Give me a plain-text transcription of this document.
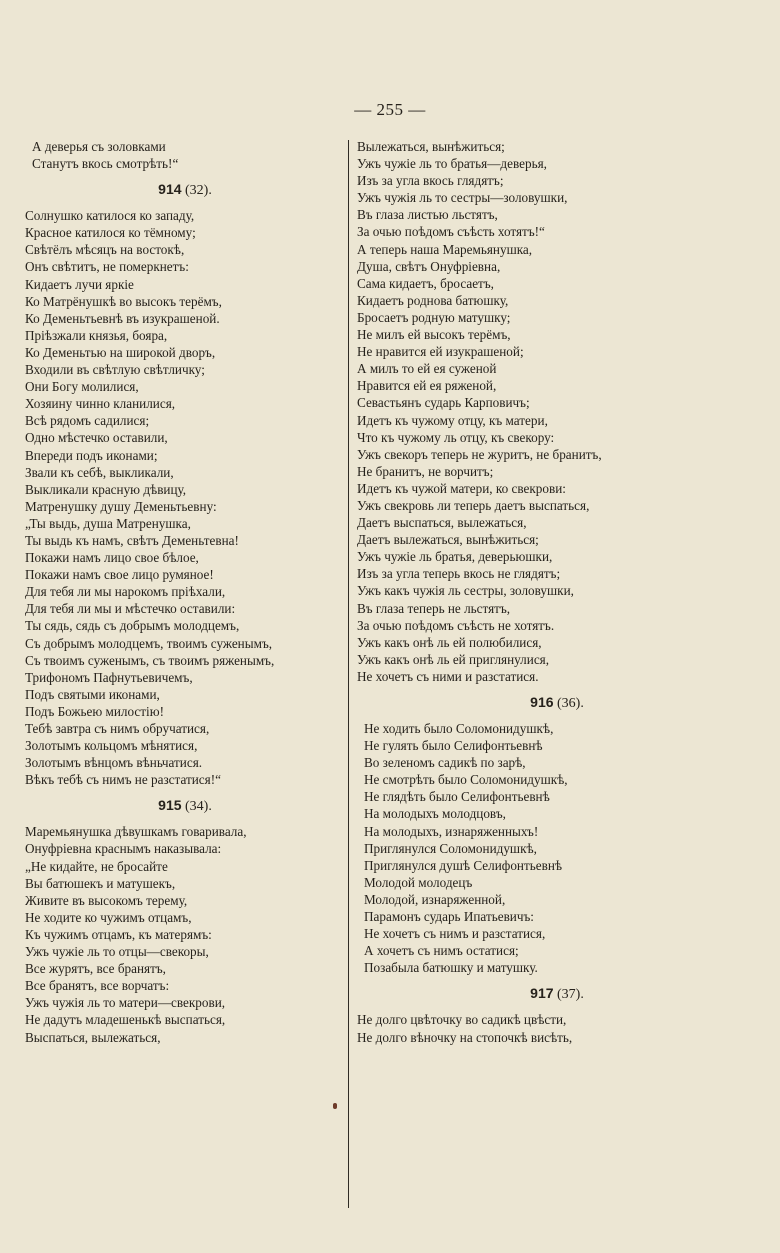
— 255 —
А деверья съ золовками
Станутъ вкось смотрѣть!“
914 (32).
Солнушко катилося ко западу,
Красное катилося ко тёмному;
Свѣтёлъ мѣсяцъ на востокѣ,
Онъ свѣтитъ, не померкнетъ:
Кидаетъ лучи яркіе
Ко Матрёнушкѣ во высокъ терёмъ,
Ко Деменьтьевнѣ въ изукрашеной.
Пріѣзжали князья, бояра,
Ко Деменьтью на широкой дворъ,
Входили въ свѣтлую свѣтличку;
Они Богу молилися,
Хозяину чинно кланилися,
Всѣ рядомъ садилися;
Одно мѣстечко оставили,
Впереди подъ иконами;
Звали къ себѣ, выкликали,
Выкликали красную дѣвицу,
Матренушку душу Деменьтьевну:
„Ты выдь, душа Матренушка,
Ты выдь къ намъ, свѣтъ Деменьтевна!
Покажи намъ лицо свое бѣлое,
Покажи намъ свое лицо румяное!
Для тебя ли мы нарокомъ пріѣхали,
Для тебя ли мы и мѣстечко оставили:
Ты сядь, сядь съ добрымъ молодцемъ,
Съ добрымъ молодцемъ, твоимъ суженымъ,
Съ твоимъ суженымъ, съ твоимъ ряженымъ,
Трифономъ Пафнутьевичемъ,
Подъ святыми иконами,
Подъ Божьею милостію!
Тебѣ завтра съ нимъ обручатися,
Золотымъ кольцомъ мѣнятися,
Золотымъ вѣнцомъ вѣньчатися.
Вѣкъ тебѣ съ нимъ не разстатися!“
915 (34).
Маремьянушка дѣвушкамъ говаривала,
Онуфріевна краснымъ наказывала:
„Не кидайте, не бросайте
Вы батюшекъ и матушекъ,
Живите въ высокомъ терему,
Не ходите ко чужимъ отцамъ,
Къ чужимъ отцамъ, къ матерямъ:
Ужъ чужіе ль то отцы—свекоры,
Все журятъ, все бранятъ,
Все бранятъ, все ворчатъ:
Ужъ чужія ль то матери—свекрови,
Не дадутъ младешенькѣ выспаться,
Выспаться, вылежаться,
Вылежаться, вынѣжиться;
Ужъ чужіе ль то братья—деверья,
Изъ за угла вкось глядятъ;
Ужъ чужія ль то сестры—золовушки,
Въ глаза листью льстятъ,
За очью поѣдомъ съѣсть хотятъ!“
А теперь наша Маремьянушка,
Душа, свѣтъ Онуфріевна,
Сама кидаетъ, бросаетъ,
Кидаетъ роднова батюшку,
Бросаетъ родную матушку;
Не милъ ей высокъ терёмъ,
Не нравится ей изукрашеной;
А милъ то ей ея суженой
Нравится ей ея ряженой,
Севастьянъ сударь Карповичъ;
Идетъ къ чужому отцу, къ матери,
Что къ чужому ль отцу, къ свекору:
Ужъ свекоръ теперь не журитъ, не бранитъ,
Не бранитъ, не ворчитъ;
Идетъ къ чужой матери, ко свекрови:
Ужъ свекровь ли теперь даетъ выспаться,
Даетъ выспаться, вылежаться,
Даетъ вылежаться, вынѣжиться;
Ужъ чужіе ль братья, деверьюшки,
Изъ за угла теперь вкось не глядятъ;
Ужъ какъ чужія ль сестры, золовушки,
Въ глаза теперь не льстятъ,
За очью поѣдомъ съѣсть не хотятъ.
Ужъ какъ онѣ ль ей полюбилися,
Ужъ какъ онѣ ль ей приглянулися,
Не хочетъ съ ними и разстатися.
916 (36).
Не ходить было Соломонидушкѣ,
Не гулять было Селифонтьевнѣ
Во зеленомъ садикѣ по зарѣ,
Не смотрѣть было Соломонидушкѣ,
Не глядѣть было Селифонтьевнѣ
На молодыхъ молодцовъ,
На молодыхъ, изнаряженныхъ!
Приглянулся Соломонидушкѣ,
Приглянулся душѣ Селифонтьевнѣ
Молодой молодецъ
Молодой, изнаряженной,
Парамонъ сударь Ипатьевичъ:
Не хочетъ съ нимъ и разстатися,
А хочетъ съ нимъ остатися;
Позабыла батюшку и матушку.
917 (37).
Не долго цвѣточку во садикѣ цвѣсти,
Не долго вѣночку на стопочкѣ висѣть,
